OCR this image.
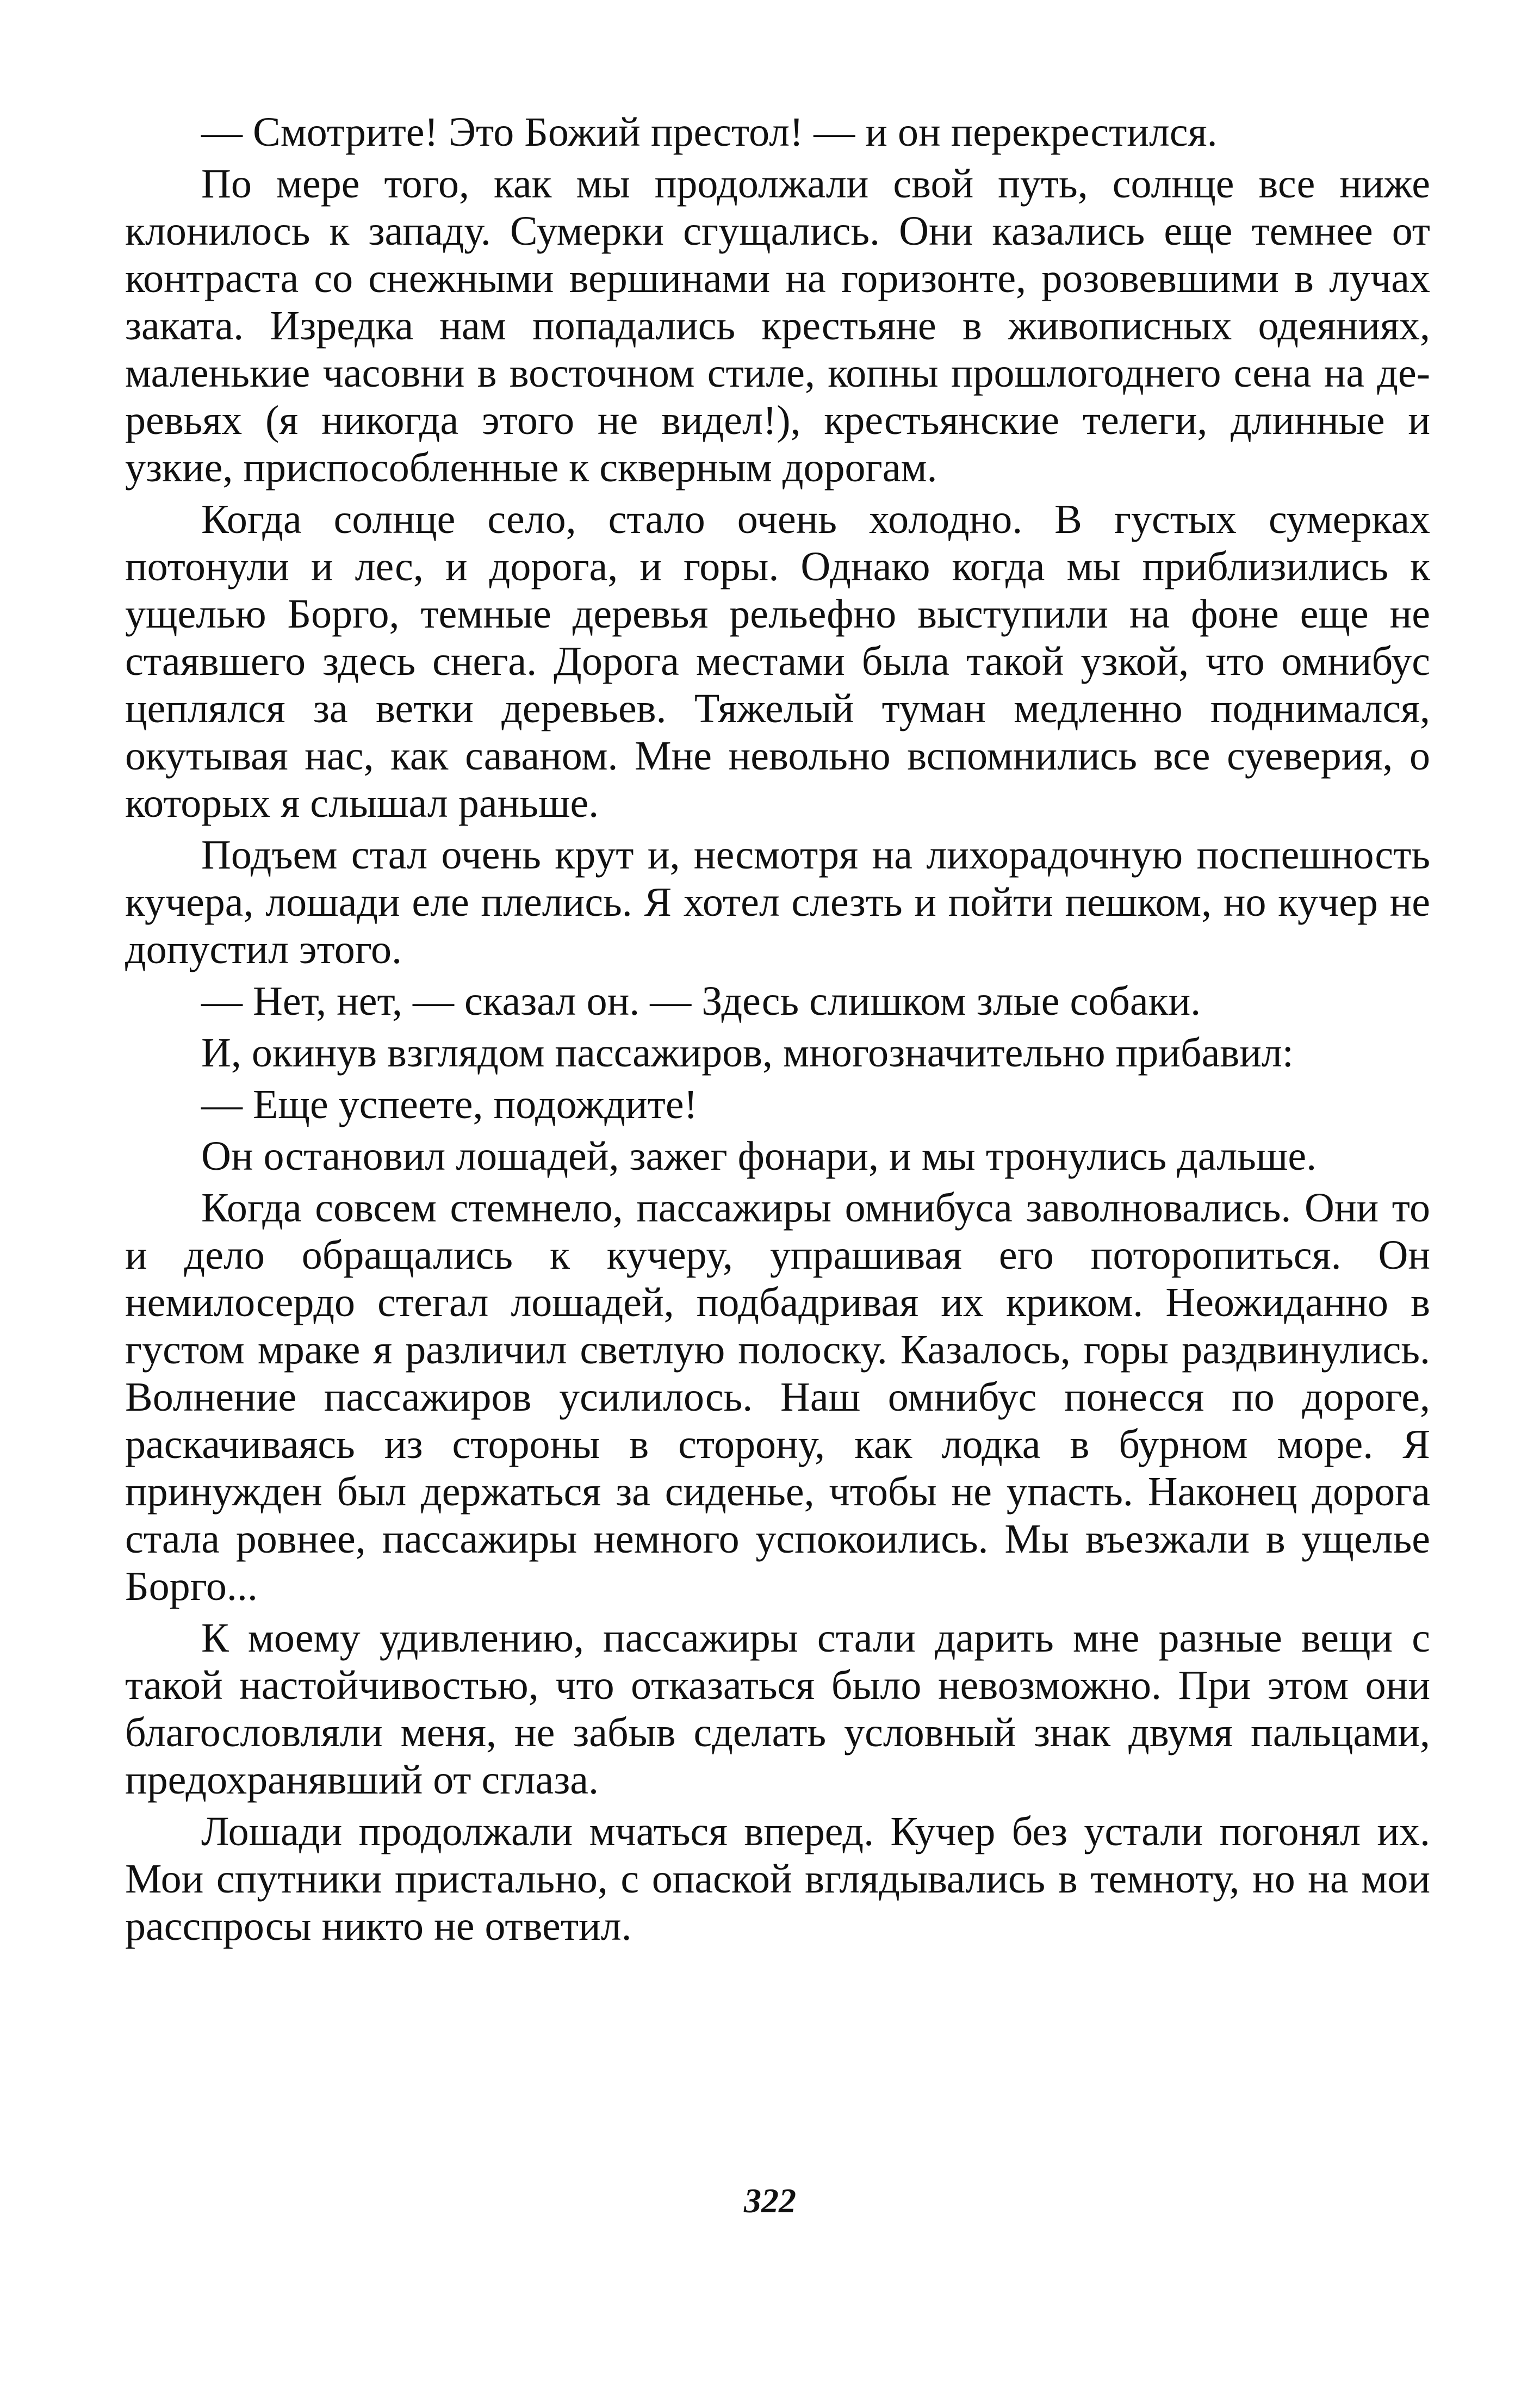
— Смотрите! Это Божий престол! — и он перекрестился.

По мере того, как мы продолжали свой путь, солнце все ниже клонилось к западу. Сумерки сгущались. Они казались еще темнее от контраста со снежными вершинами на горизонте, розовевшими в лучах заката. Изредка нам попадались крестьяне в живописных одеяниях, маленькие часовни в восточном стиле, копны прошлогоднего сена на деревьях (я никогда этого не видел!), крестьянские телеги, длинные и узкие, приспособленные к скверным дорогам.

Когда солнце село, стало очень холодно. В густых сумерках потонули и лес, и дорога, и горы. Однако когда мы приблизились к ущелью Борго, темные деревья рельефно выступили на фоне еще не стаявшего здесь снега. Дорога местами была такой узкой, что омнибус цеплялся за ветки деревьев. Тяжелый туман медленно поднимался, окутывая нас, как саваном. Мне невольно вспомнились все суеверия, о которых я слышал раньше.

Подъем стал очень крут и, несмотря на лихорадочную поспешность кучера, лошади еле плелись. Я хотел слезть и пойти пешком, но кучер не допустил этого.

— Нет, нет, — сказал он. — Здесь слишком злые собаки.

И, окинув взглядом пассажиров, многозначительно прибавил:

— Еще успеете, подождите!

Он остановил лошадей, зажег фонари, и мы тронулись дальше.

Когда совсем стемнело, пассажиры омнибуса заволновались. Они то и дело обращались к кучеру, упрашивая его поторопиться. Он немилосердо стегал лошадей, подбадривая их криком. Неожиданно в густом мраке я различил светлую полоску. Казалось, горы раздвинулись. Волнение пассажиров усилилось. Наш омнибус понесся по дороге, раскачиваясь из стороны в сторону, как лодка в бурном море. Я принужден был держаться за сиденье, чтобы не упасть. Наконец дорога стала ровнее, пассажиры немного успокоились. Мы въезжали в ущелье Борго...

К моему удивлению, пассажиры стали дарить мне разные вещи с такой настойчивостью, что отказаться было невозможно. При этом они благословляли меня, не забыв сделать условный знак двумя пальцами, предохранявший от сглаза.

Лошади продолжали мчаться вперед. Кучер без устали погонял их. Мои спутники пристально, с опаской вглядывались в темноту, но на мои расспросы никто не ответил.

322
